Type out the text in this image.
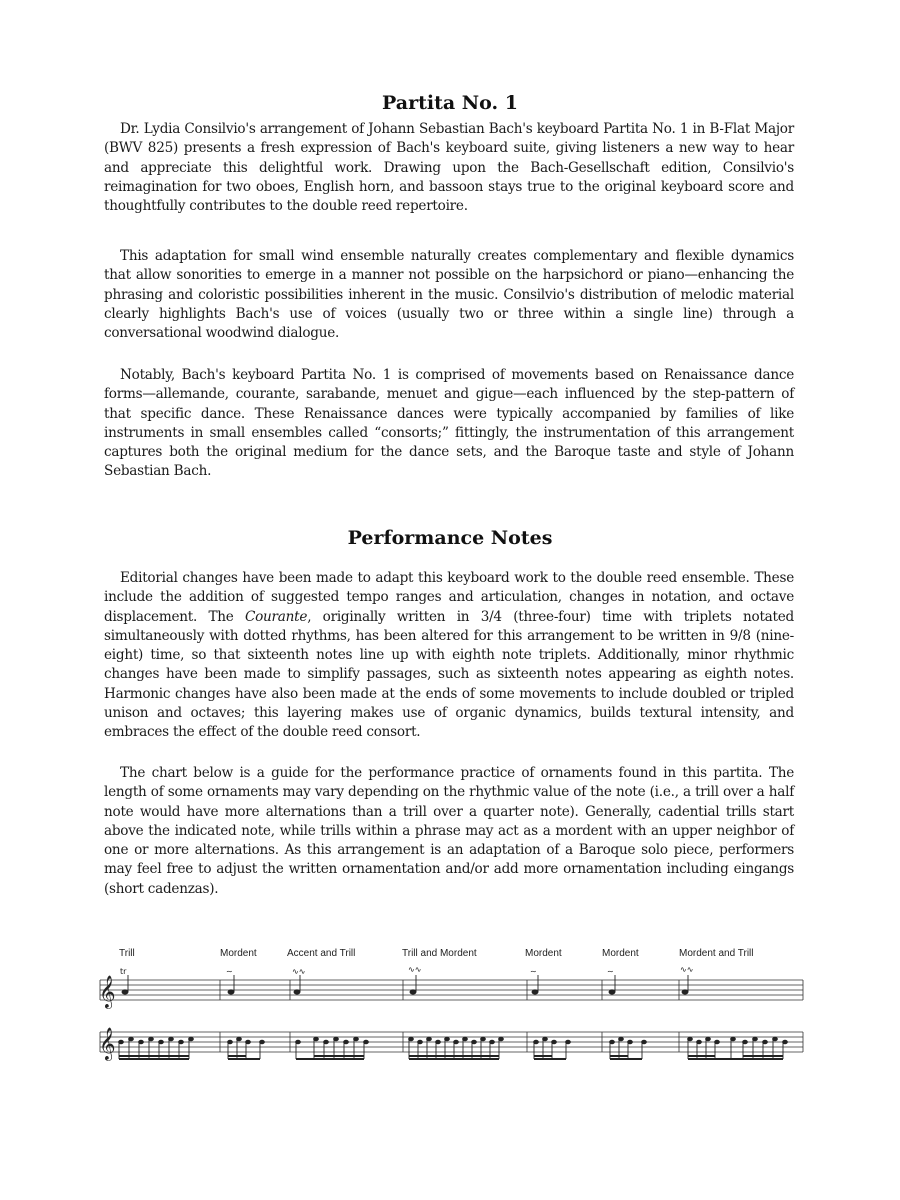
Partita No. 1

Dr. Lydia Consilvio's arrangement of Johann Sebastian Bach's keyboard Partita No. 1 in B-Flat Major (BWV 825) presents a fresh expression of Bach's keyboard suite, giving listeners a new way to hear and appreciate this delightful work. Drawing upon the Bach-Gesellschaft edition, Consilvio's reimagination for two oboes, English horn, and bassoon stays true to the original keyboard score and thoughtfully contributes to the double reed repertoire.

This adaptation for small wind ensemble naturally creates complementary and flexible dynamics that allow sonorities to emerge in a manner not possible on the harpsichord or piano—enhancing the phrasing and coloristic possibilities inherent in the music. Consilvio's distribution of melodic material clearly highlights Bach's use of voices (usually two or three within a single line) through a conversational woodwind dialogue.

Notably, Bach's keyboard Partita No. 1 is comprised of movements based on Renaissance dance forms—allemande, courante, sarabande, menuet and gigue—each influenced by the step-pattern of that specific dance. These Renaissance dances were typically accompanied by families of like instruments in small ensembles called “consorts;” fittingly, the instrumentation of this arrangement captures both the original medium for the dance sets, and the Baroque taste and style of Johann Sebastian Bach.

Performance Notes

Editorial changes have been made to adapt this keyboard work to the double reed ensemble. These include the addition of suggested tempo ranges and articulation, changes in notation, and octave displacement. The Courante, originally written in 3/4 (three-four) time with triplets notated simultaneously with dotted rhythms, has been altered for this arrangement to be written in 9/8 (nine-eight) time, so that sixteenth notes line up with eighth note triplets. Additionally, minor rhythmic changes have been made to simplify passages, such as sixteenth notes appearing as eighth notes. Harmonic changes have also been made at the ends of some movements to include doubled or tripled unison and octaves; this layering makes use of organic dynamics, builds textural intensity, and embraces the effect of the double reed consort.

The chart below is a guide for the performance practice of ornaments found in this partita. The length of some ornaments may vary depending on the rhythmic value of the note (i.e., a trill over a half note would have more alternations than a trill over a quarter note). Generally, cadential trills start above the indicated note, while trills within a phrase may act as a mordent with an upper neighbor of one or more alternations. As this arrangement is an adaptation of a Baroque solo piece, performers may feel free to adjust the written ornamentation and/or add more ornamentation including eingangs (short cadenzas).

Trill	Mordent	Accent and Trill	Trill and Mordent	Mordent	Mordent	Mordent and Trill
𝄞
tr	∼	∿∿	∿∿	∼	∼	∿∿
𝄞
